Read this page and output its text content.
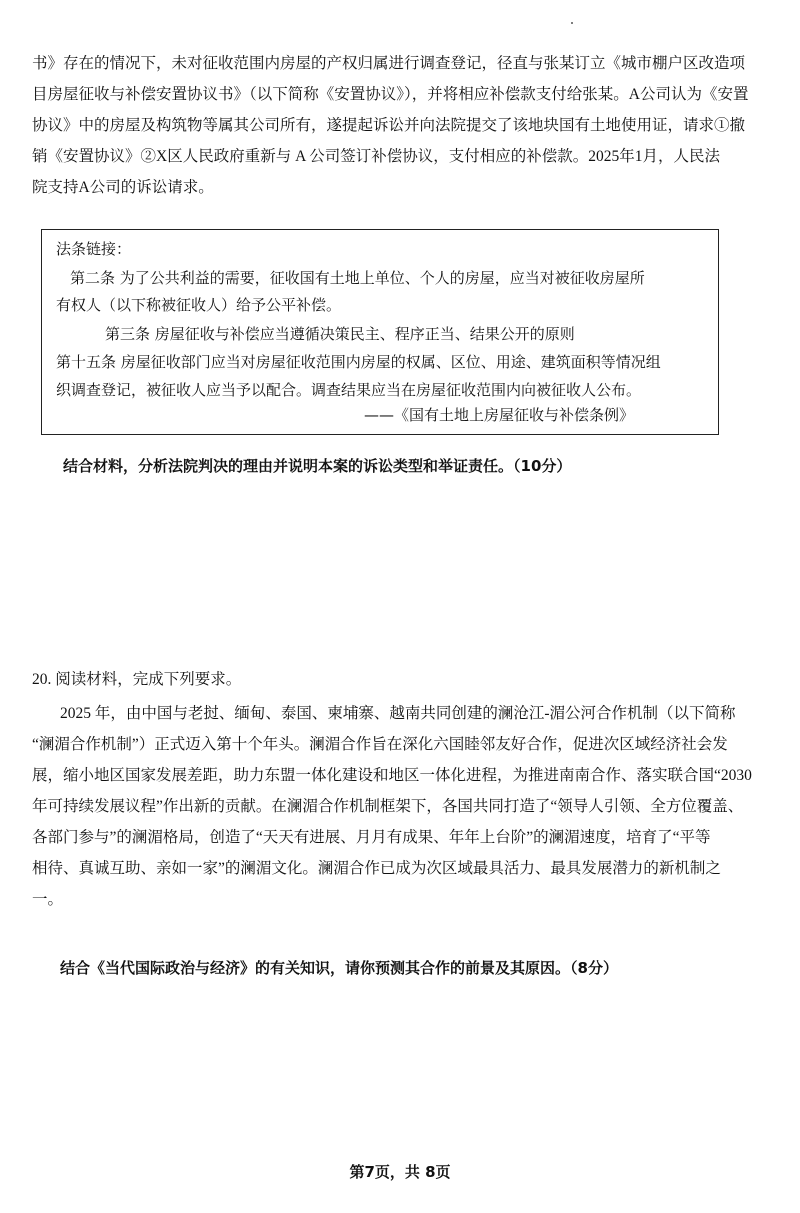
书》存在的情况下，未对征收范围内房屋的产权归属进行调查登记，径直与张某订立《城市棚户区改造项
目房屋征收与补偿安置协议书》（以下简称《安置协议》），并将相应补偿款支付给张某。A公司认为《安置
协议》中的房屋及构筑物等属其公司所有，遂提起诉讼并向法院提交了该地块国有土地使用证，请求①撤
销《安置协议》②X区人民政府重新与 A 公司签订补偿协议，支付相应的补偿款。2025年1月，人民法
院支持A公司的诉讼请求。
法条链接：
第二条 为了公共利益的需要，征收国有土地上单位、个人的房屋，应当对被征收房屋所
有权人（以下称被征收人）给予公平补偿。
第三条 房屋征收与补偿应当遵循决策民主、程序正当、结果公开的原则
第十五条 房屋征收部门应当对房屋征收范围内房屋的权属、区位、用途、建筑面积等情况组
织调查登记，被征收人应当予以配合。调查结果应当在房屋征收范围内向被征收人公布。
——《国有土地上房屋征收与补偿条例》
结合材料，分析法院判决的理由并说明本案的诉讼类型和举证责任。（10分）
20. 阅读材料，完成下列要求。
2025 年，由中国与老挝、缅甸、泰国、柬埔寨、越南共同创建的澜沧江-湄公河合作机制（以下简称
“澜湄合作机制”）正式迈入第十个年头。澜湄合作旨在深化六国睦邻友好合作，促进次区域经济社会发
展，缩小地区国家发展差距，助力东盟一体化建设和地区一体化进程，为推进南南合作、落实联合国“2030
年可持续发展议程”作出新的贡献。在澜湄合作机制框架下，各国共同打造了“领导人引领、全方位覆盖、
各部门参与”的澜湄格局，创造了“天天有进展、月月有成果、年年上台阶”的澜湄速度，培育了“平等
相待、真诚互助、亲如一家”的澜湄文化。澜湄合作已成为次区域最具活力、最具发展潜力的新机制之
一。
结合《当代国际政治与经济》的有关知识，请你预测其合作的前景及其原因。（8分）
第7页，共 8页
